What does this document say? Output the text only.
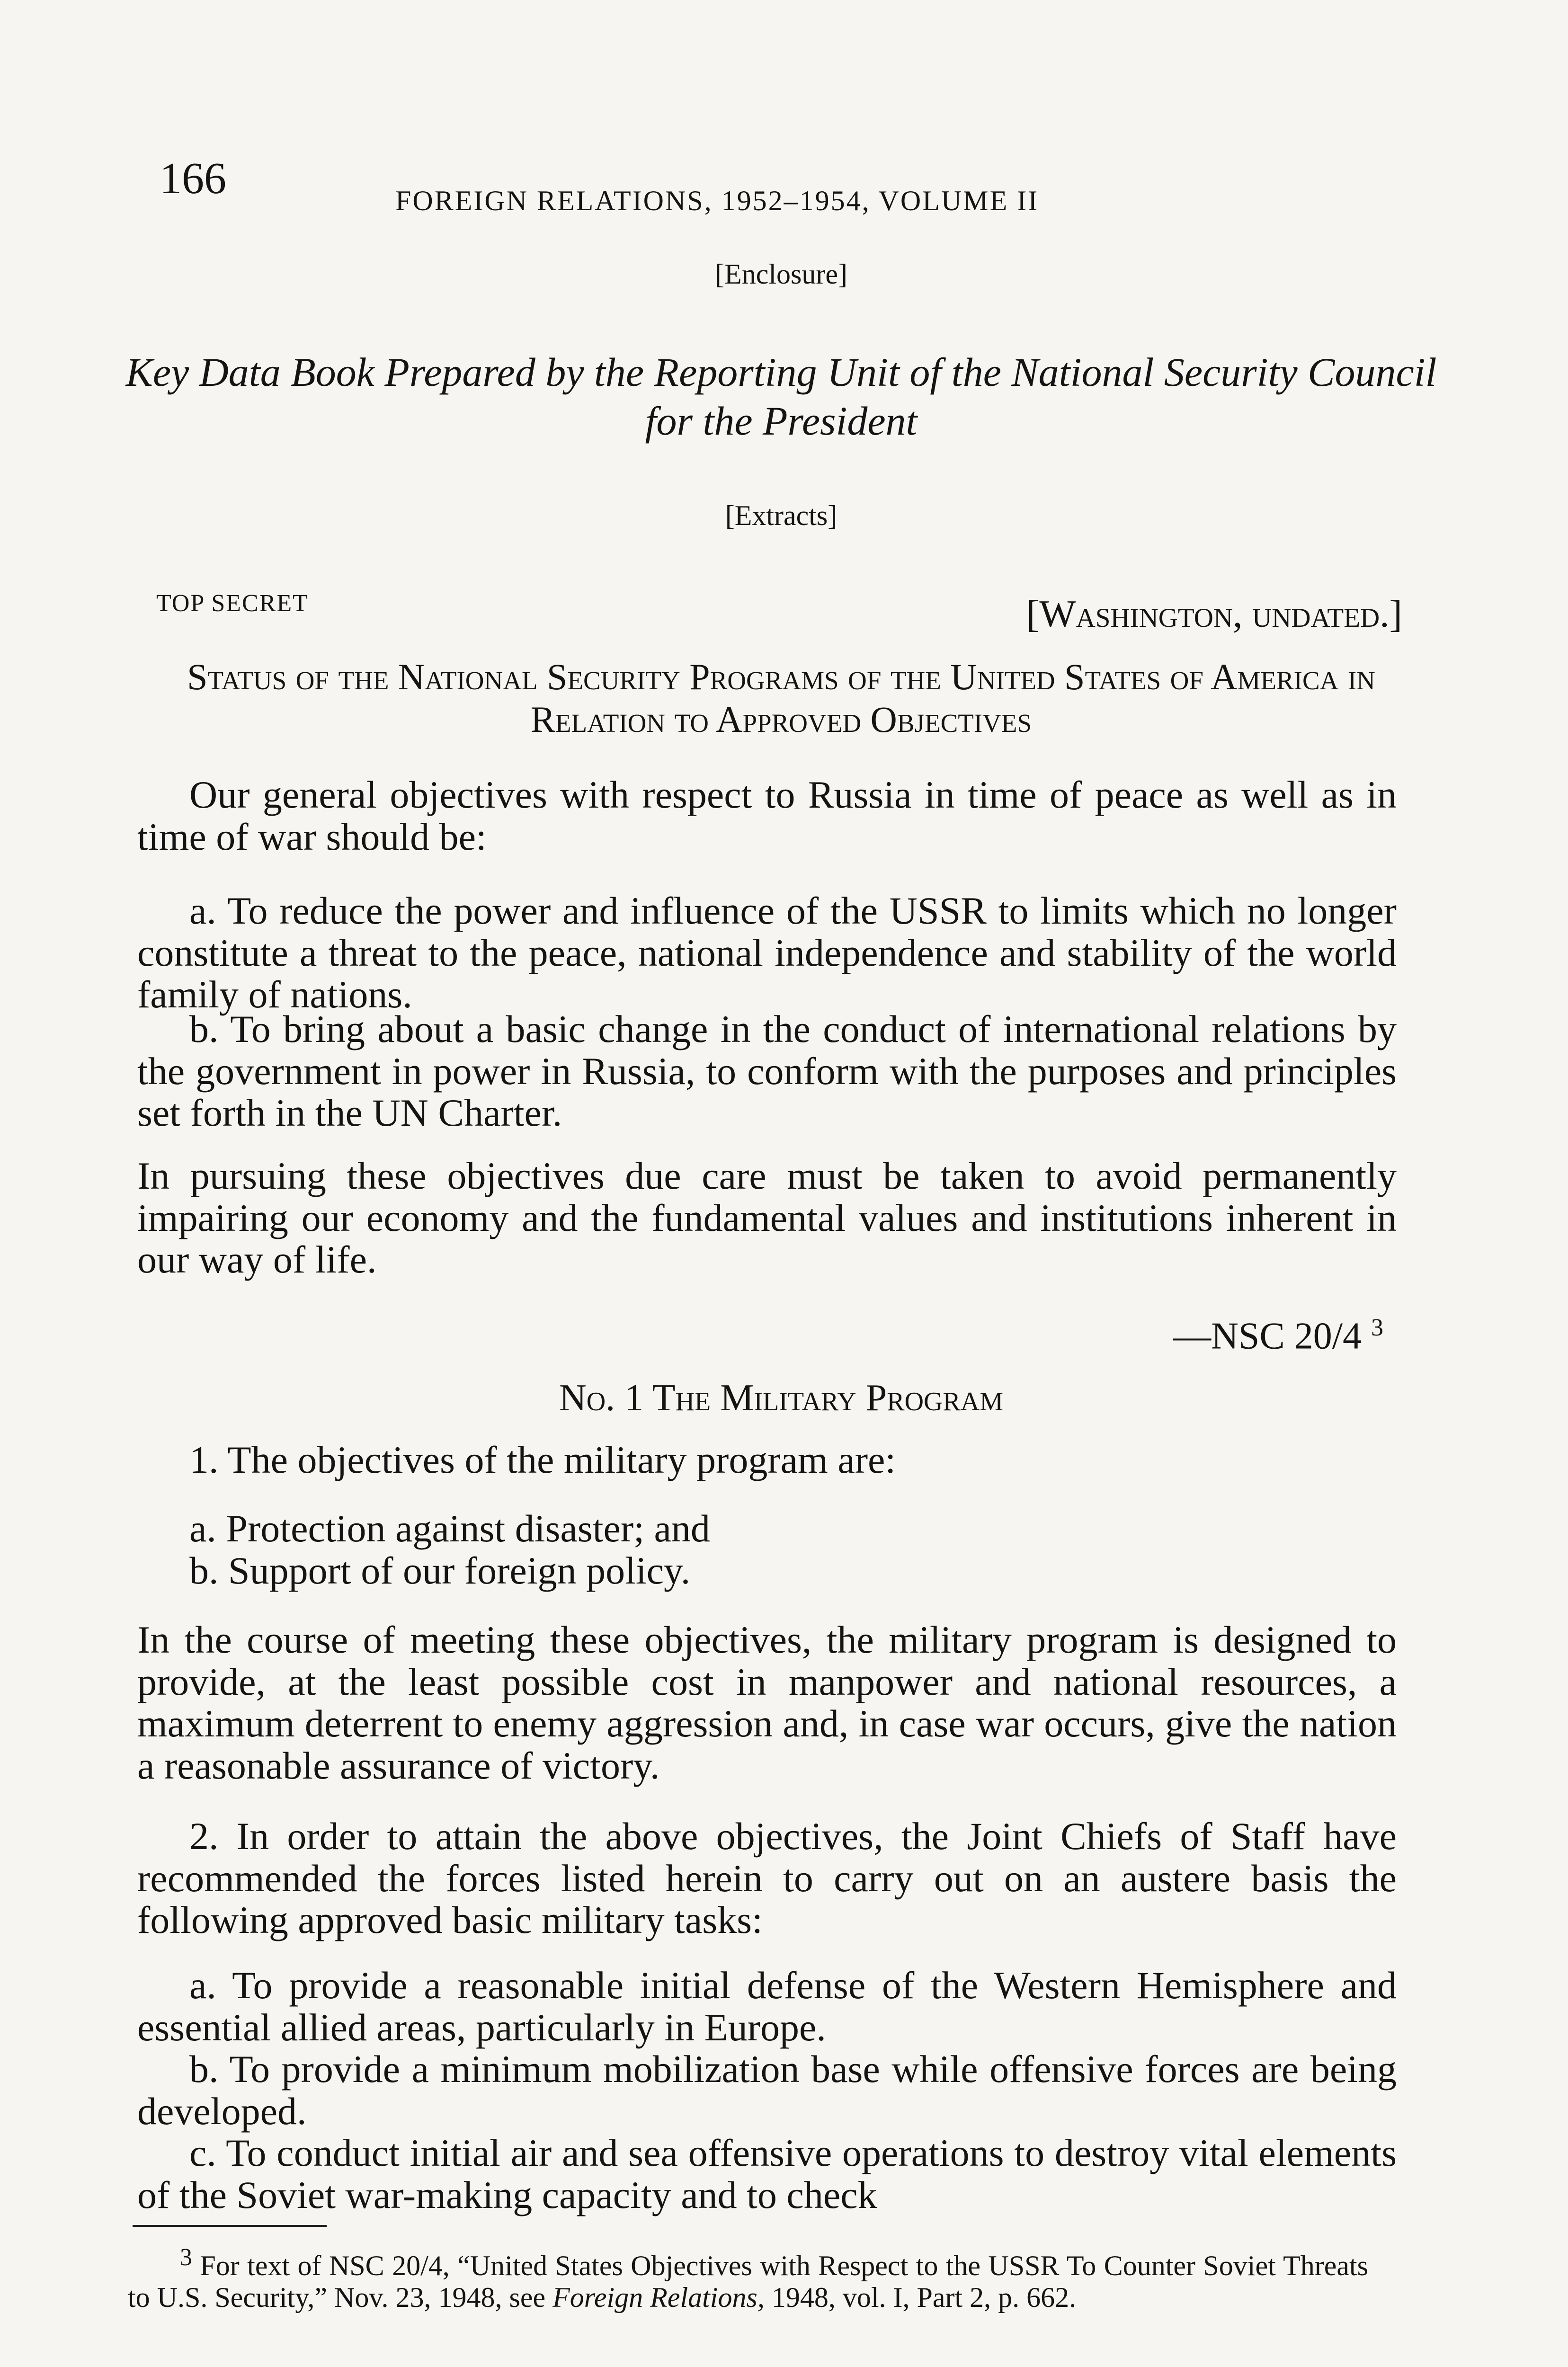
166	FOREIGN RELATIONS, 1952–1954, VOLUME II
[Enclosure]
Key Data Book Prepared by the Reporting Unit of the National Security Council for the President
[Extracts]
TOP SECRET	[Washington, undated.]
Status of the National Security Programs of the United States of America in Relation to Approved Objectives
Our general objectives with respect to Russia in time of peace as well as in time of war should be:
a. To reduce the power and influence of the USSR to limits which no longer constitute a threat to the peace, national independence and stability of the world family of nations.
b. To bring about a basic change in the conduct of international relations by the government in power in Russia, to conform with the purposes and principles set forth in the UN Charter.
In pursuing these objectives due care must be taken to avoid permanently impairing our economy and the fundamental values and institutions inherent in our way of life.
—NSC 20/4 $^3$
No. 1 The Military Program
1. The objectives of the military program are:
a. Protection against disaster; and
b. Support of our foreign policy.
In the course of meeting these objectives, the military program is designed to provide, at the least possible cost in manpower and national resources, a maximum deterrent to enemy aggression and, in case war occurs, give the nation a reasonable assurance of victory.
2. In order to attain the above objectives, the Joint Chiefs of Staff have recommended the forces listed herein to carry out on an austere basis the following approved basic military tasks:
a. To provide a reasonable initial defense of the Western Hemisphere and essential allied areas, particularly in Europe.
b. To provide a minimum mobilization base while offensive forces are being developed.
c. To conduct initial air and sea offensive operations to destroy vital elements of the Soviet war-making capacity and to check
3 For text of NSC 20/4, “United States Objectives with Respect to the USSR To Counter Soviet Threats to U.S. Security,” Nov. 23, 1948, see Foreign Relations, 1948, vol. I, Part 2, p. 662.
